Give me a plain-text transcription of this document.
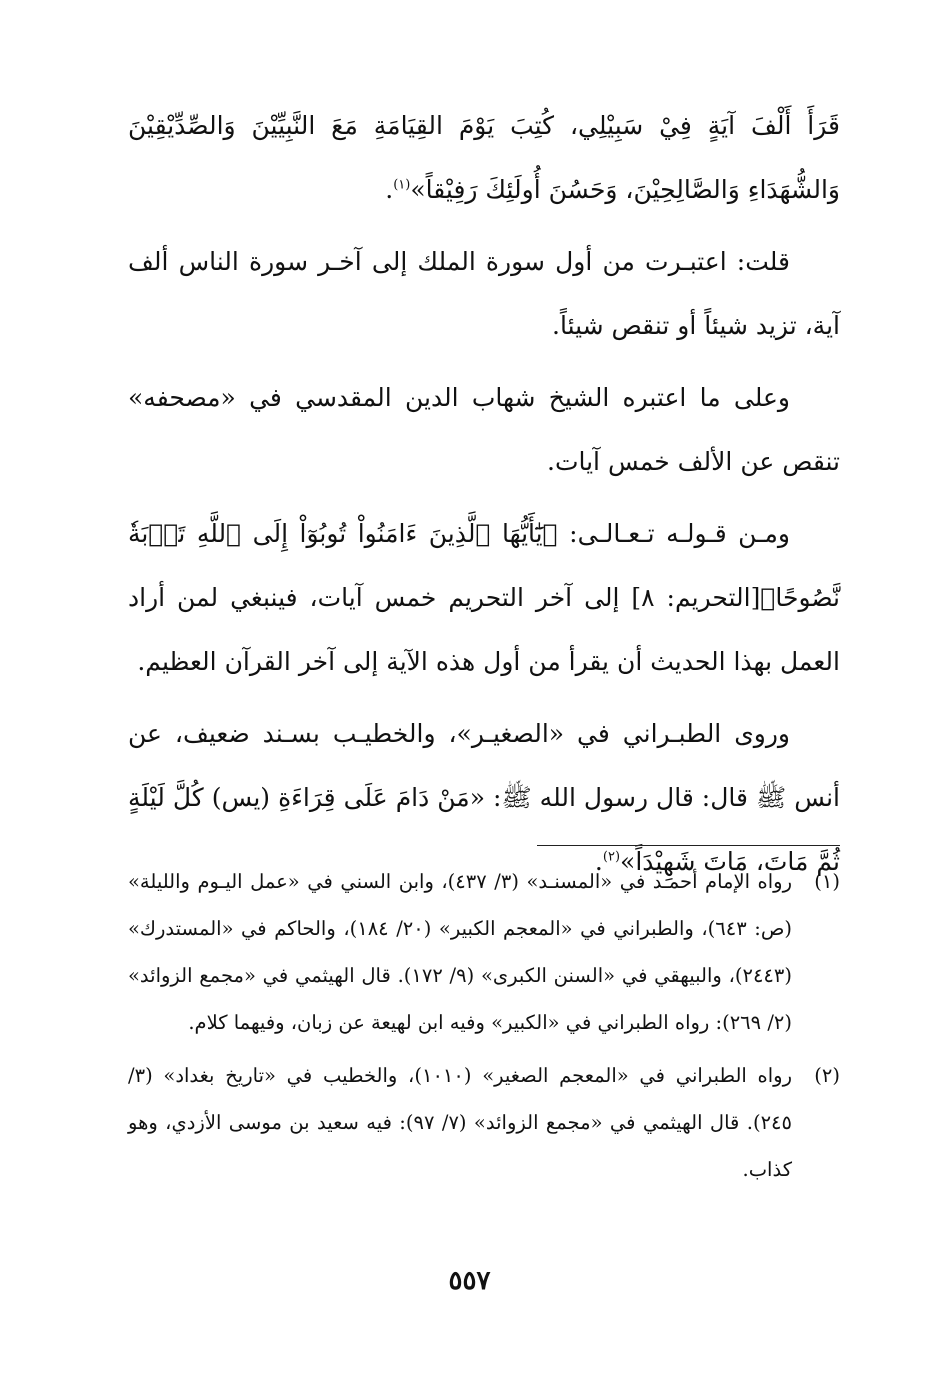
قَرَأَ أَلْفَ آيَةٍ فِيْ سَبِيْلِي، كُتِبَ يَوْمَ القِيَامَةِ مَعَ النَّبِيِّيْنَ وَالصِّدِّيْقِيْنَ وَالشُّهَدَاءِ وَالصَّالِحِيْنَ، وَحَسُنَ أُولَئِكَ رَفِيْقاً»$^{(١)}$.

قلت: اعتبـرت من أول سورة الملك إلى آخـر سورة الناس ألف آية، تزيد شيئاً أو تنقص شيئاً.

وعلى ما اعتبره الشيخ شهاب الدين المقدسي في «مصحفه» تنقص عن الألف خمس آيات.

ومـن قـولـه تـعـالـى: ﴿يَٰٓأَيُّهَا ٱلَّذِينَ ءَامَنُواْ تُوبُوٓاْ إِلَى ٱللَّهِ تَوۡبَةٗ نَّصُوحًا﴾[التحريم: ٨] إلى آخر التحريم خمس آيات، فينبغي لمن أراد العمل بهذا الحديث أن يقرأ من أول هذه الآية إلى آخر القرآن العظيم.

وروى الطبـراني في «الصغيـر»، والخطيـب بسـند ضعيف، عن أنس ﷺ قال: قال رسول الله ﷺ: «مَنْ دَامَ عَلَى قِرَاءَةِ (يس) كُلَّ لَيْلَةٍ ثُمَّ مَاتَ، مَاتَ شَهِيْدَاً»$^{(٢)}$.

(١)
رواه الإمام أحمـد في «المسنـد» (٣/ ٤٣٧)، وابن السني في «عمل اليـوم والليلة» (ص: ٦٤٣)، والطبراني في «المعجم الكبير» (٢٠/ ١٨٤)، والحاكم في «المستدرك» (٢٤٤٣)، والبيهقي في «السنن الكبرى» (٩/ ١٧٢). قال الهيثمي في «مجمع الزوائد» (٢/ ٢٦٩): رواه الطبراني في «الكبير» وفيه ابن لهيعة عن زبان، وفيهما كلام.
(٢)
رواه الطبراني في «المعجم الصغير» (١٠١٠)، والخطيب في «تاريخ بغداد» (٣/ ٢٤٥). قال الهيثمي في «مجمع الزوائد» (٧/ ٩٧): فيه سعيد بن موسى الأزدي، وهو كذاب.
٥٥٧
